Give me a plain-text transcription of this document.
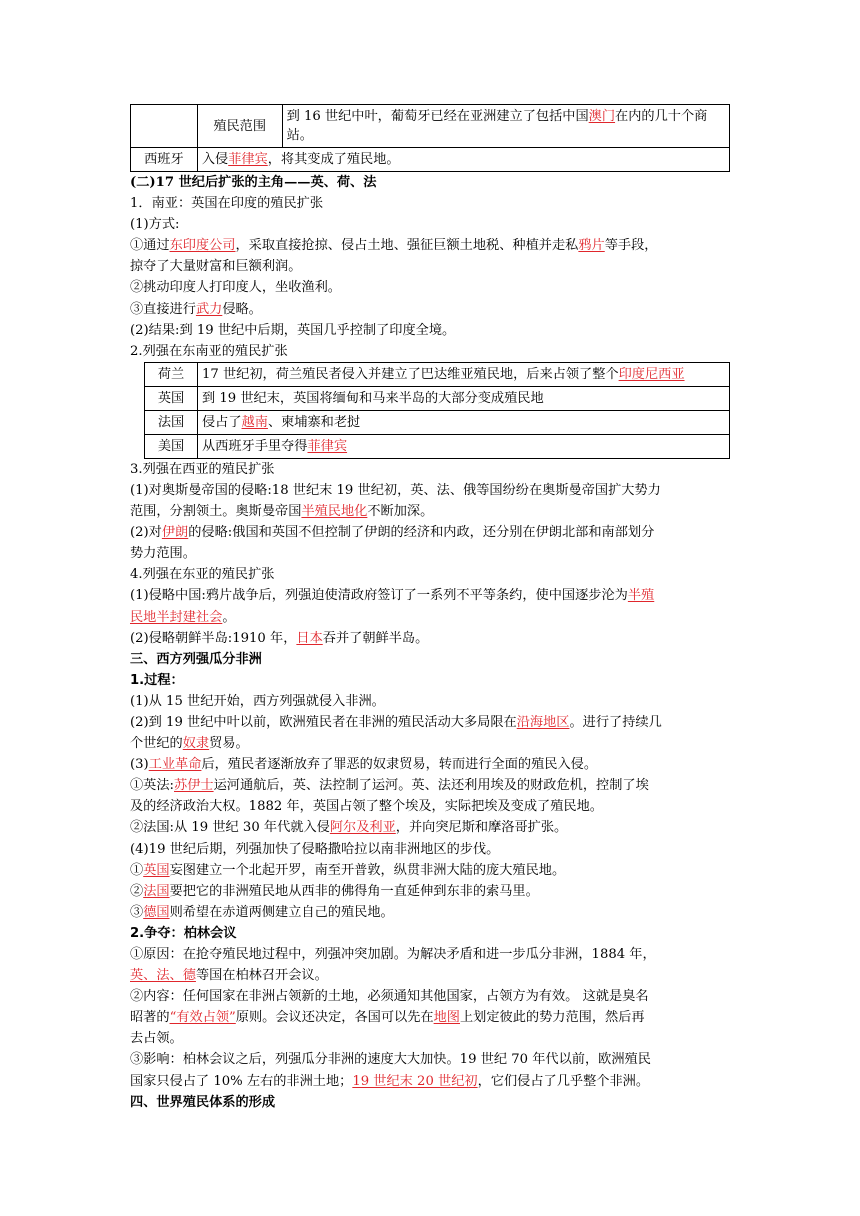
	殖民范围	到 16 世纪中叶，葡萄牙已经在亚洲建立了包括中国澳门在内的几十个商站。
西班牙	入侵菲律宾，将其变成了殖民地。	
(二)17 世纪后扩张的主角——英、荷、法
1．南亚：英国在印度的殖民扩张
(1)方式:
①通过东印度公司，采取直接抢掠、侵占土地、强征巨额土地税、种植并走私鸦片等手段，
掠夺了大量财富和巨额利润。
②挑动印度人打印度人，坐收渔利。
③直接进行武力侵略。
(2)结果:到 19 世纪中后期，英国几乎控制了印度全境。
2.列强在东南亚的殖民扩张
荷兰	17 世纪初，荷兰殖民者侵入并建立了巴达维亚殖民地，后来占领了整个印度尼西亚
英国	到 19 世纪末，英国将缅甸和马来半岛的大部分变成殖民地
法国	侵占了越南、柬埔寨和老挝
美国	从西班牙手里夺得菲律宾
3.列强在西亚的殖民扩张
(1)对奥斯曼帝国的侵略:18 世纪末 19 世纪初，英、法、俄等国纷纷在奥斯曼帝国扩大势力
范围，分割领土。奥斯曼帝国半殖民地化不断加深。
(2)对伊朗的侵略:俄国和英国不但控制了伊朗的经济和内政，还分别在伊朗北部和南部划分
势力范围。
4.列强在东亚的殖民扩张
(1)侵略中国:鸦片战争后，列强迫使清政府签订了一系列不平等条约，使中国逐步沦为半殖
民地半封建社会。
(2)侵略朝鲜半岛:1910 年，日本吞并了朝鲜半岛。
三、西方列强瓜分非洲
1.过程：
(1)从 15 世纪开始，西方列强就侵入非洲。
(2)到 19 世纪中叶以前，欧洲殖民者在非洲的殖民活动大多局限在沿海地区。进行了持续几
个世纪的奴隶贸易。
(3)工业革命后，殖民者逐渐放弃了罪恶的奴隶贸易，转而进行全面的殖民入侵。
①英法:苏伊士运河通航后，英、法控制了运河。英、法还利用埃及的财政危机，控制了埃
及的经济政治大权。1882 年，英国占领了整个埃及，实际把埃及变成了殖民地。
②法国:从 19 世纪 30 年代就入侵阿尔及利亚，并向突尼斯和摩洛哥扩张。
(4)19 世纪后期，列强加快了侵略撒哈拉以南非洲地区的步伐。
①英国妄图建立一个北起开罗，南至开普敦，纵贯非洲大陆的庞大殖民地。
②法国要把它的非洲殖民地从西非的佛得角一直延伸到东非的索马里。
③德国则希望在赤道两侧建立自己的殖民地。
2.争夺：柏林会议
①原因：在抢夺殖民地过程中，列强冲突加剧。为解决矛盾和进一步瓜分非洲，1884 年，
英、法、德等国在柏林召开会议。
②内容：任何国家在非洲占领新的土地，必须通知其他国家，占领方为有效。 这就是臭名
昭著的“有效占领”原则。会议还决定，各国可以先在地图上划定彼此的势力范围，然后再
去占领。
③影响：柏林会议之后，列强瓜分非洲的速度大大加快。19 世纪 70 年代以前，欧洲殖民
国家只侵占了 10% 左右的非洲土地；19 世纪末 20 世纪初，它们侵占了几乎整个非洲。
四、世界殖民体系的形成
